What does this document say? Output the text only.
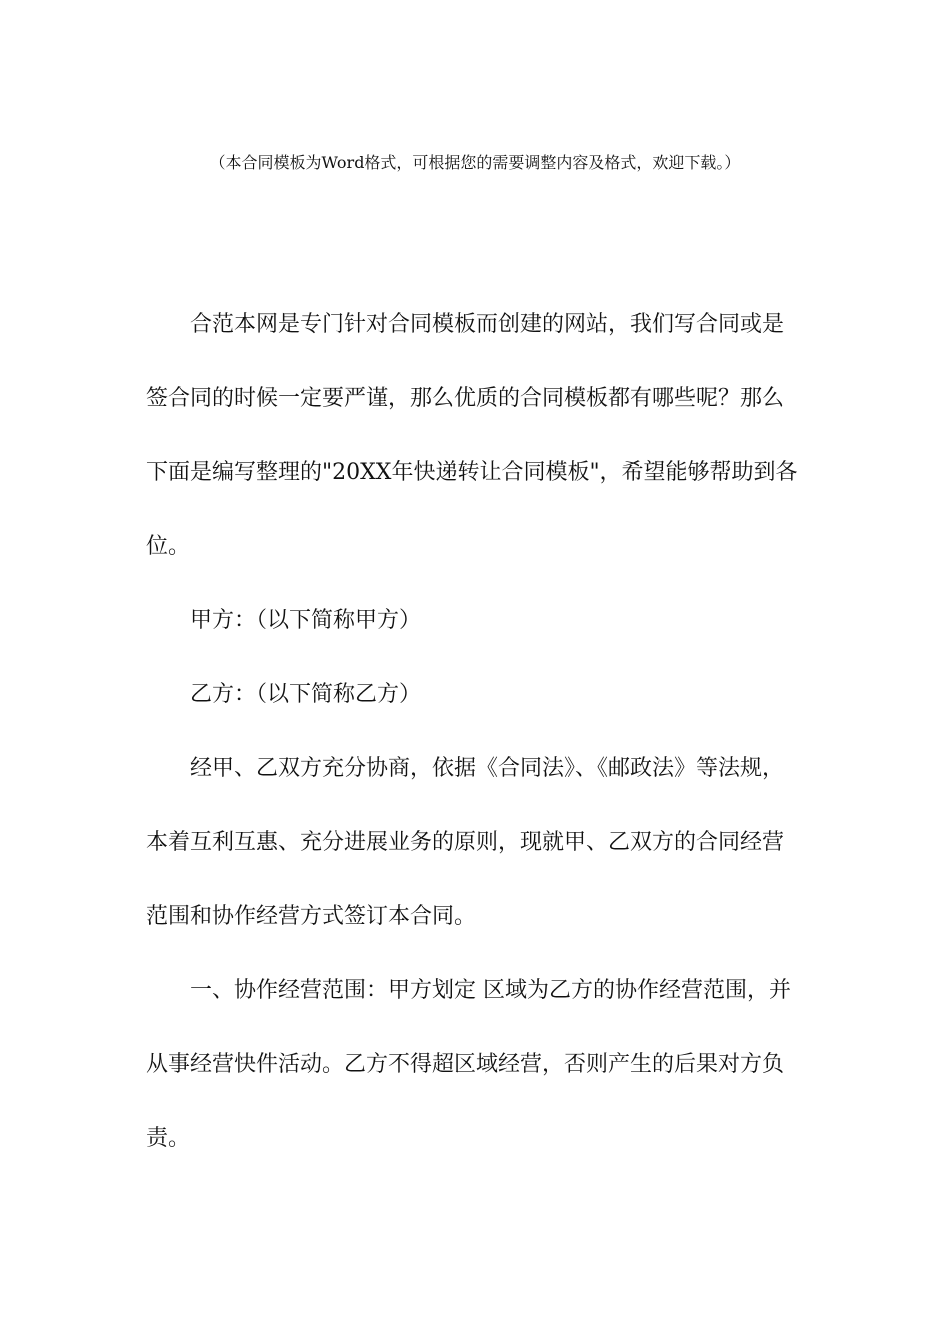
（本合同模板为Word格式，可根据您的需要调整内容及格式，欢迎下载。）
合范本网是专门针对合同模板而创建的网站，我们写合同或是
签合同的时候一定要严谨，那么优质的合同模板都有哪些呢？那么
下面是编写整理的"20XX年快递转让合同模板"，希望能够帮助到各
位。
甲方：（以下简称甲方）
乙方：（以下简称乙方）
经甲、乙双方充分协商，依据《合同法》、《邮政法》等法规，
本着互利互惠、充分进展业务的原则，现就甲、乙双方的合同经营
范围和协作经营方式签订本合同。
一、协作经营范围：甲方划定 区域为乙方的协作经营范围，并
从事经营快件活动。乙方不得超区域经营，否则产生的后果对方负
责。
